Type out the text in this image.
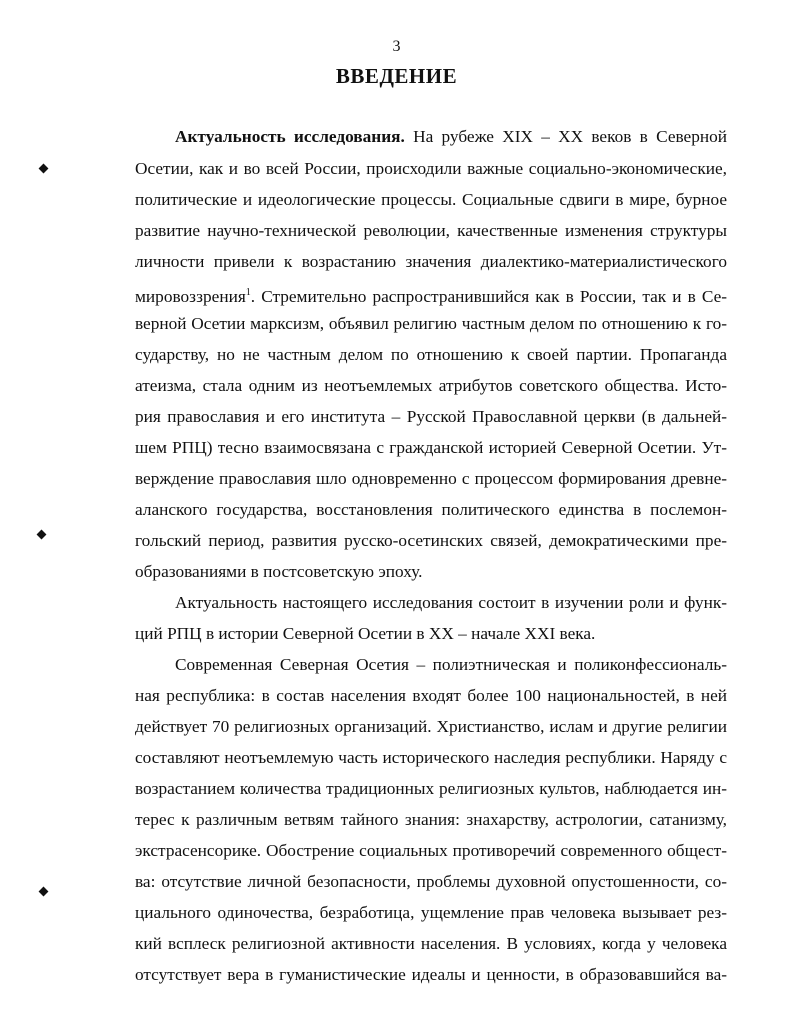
3
ВВЕДЕНИЕ
Актуальность исследования. На рубеже XIX – XX веков в Северной
Осетии, как и во всей России, происходили важные социально-экономические,
политические и идеологические процессы. Социальные сдвиги в мире, бурное
развитие научно-технической революции, качественные изменения структуры
личности привели к возрастанию значения диалектико-материалистического
мировоззрения$^1$. Стремительно распространившийся как в России, так и в Се-
верной Осетии марксизм, объявил религию частным делом по отношению к го-
сударству, но не частным делом по отношению к своей партии. Пропаганда
атеизма, стала одним из неотъемлемых атрибутов советского общества. Исто-
рия православия и его института – Русской Православной церкви (в дальней-
шем РПЦ) тесно взаимосвязана с гражданской историей Северной Осетии. Ут-
верждение православия шло одновременно с процессом формирования древне-
аланского государства, восстановления политического единства в послемон-
гольский период, развития русско-осетинских связей, демократическими пре-
образованиями в постсоветскую эпоху.
Актуальность настоящего исследования состоит в изучении роли и функ-
ций РПЦ в истории Северной Осетии в XX – начале XXI века.
Современная Северная Осетия – полиэтническая и поликонфессиональ-
ная республика: в состав населения входят более 100 национальностей, в ней
действует 70 религиозных организаций. Христианство, ислам и другие религии
составляют неотъемлемую часть исторического наследия республики. Наряду с
возрастанием количества традиционных религиозных культов, наблюдается ин-
терес к различным ветвям тайного знания: знахарству, астрологии, сатанизму,
экстрасенсорике. Обострение социальных противоречий современного общест-
ва: отсутствие личной безопасности, проблемы духовной опустошенности, со-
циального одиночества, безработица, ущемление прав человека вызывает рез-
кий всплеск религиозной активности населения. В условиях, когда у человека
отсутствует вера в гуманистические идеалы и ценности, в образовавшийся ва-
